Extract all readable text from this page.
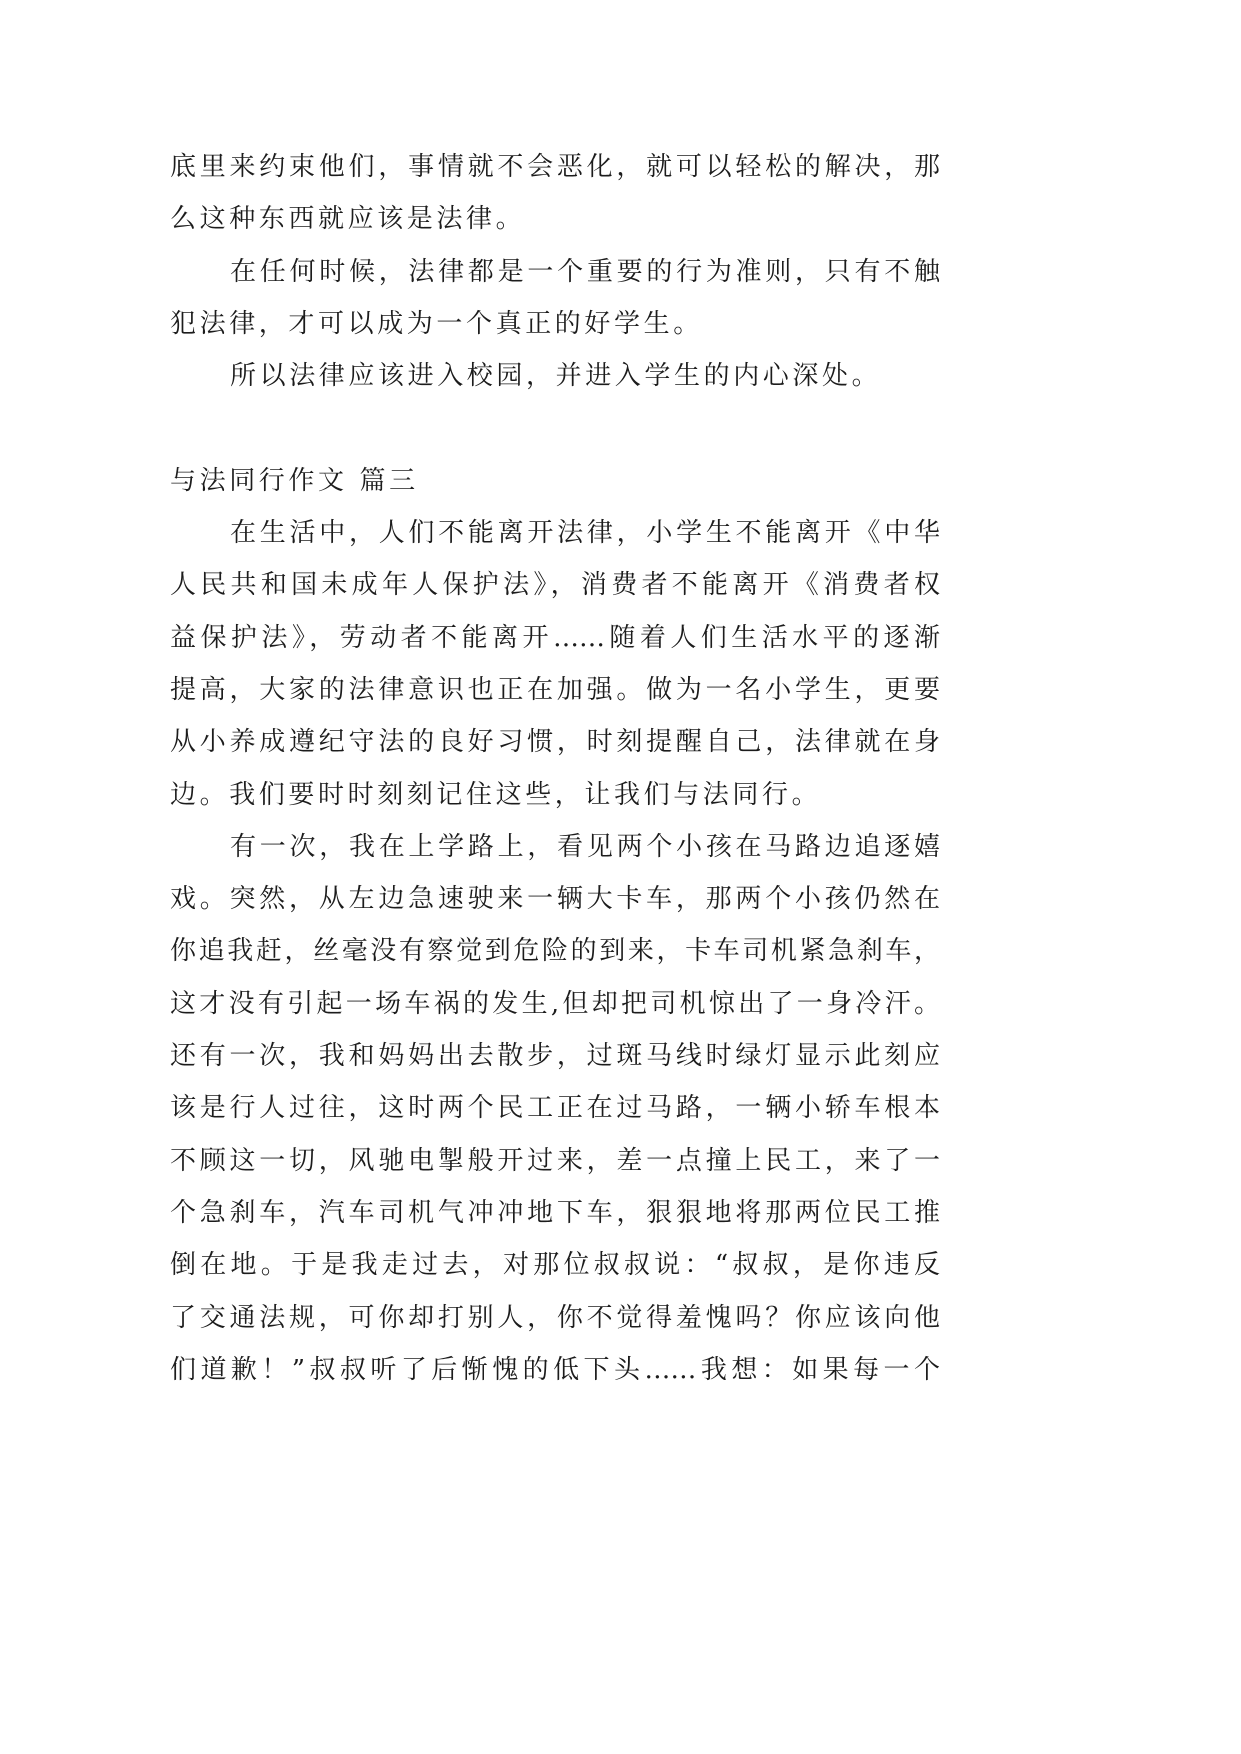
底里来约束他们，事情就不会恶化，就可以轻松的解决，那
么这种东西就应该是法律。
在任何时候，法律都是一个重要的行为准则，只有不触
犯法律，才可以成为一个真正的好学生。
所以法律应该进入校园，并进入学生的内心深处。
与法同行作文 篇三
在生活中，人们不能离开法律，小学生不能离开《中华
人民共和国未成年人保护法》，消费者不能离开《消费者权
益保护法》，劳动者不能离开……随着人们生活水平的逐渐
提高，大家的法律意识也正在加强。做为一名小学生，更要
从小养成遵纪守法的良好习惯，时刻提醒自己，法律就在身
边。我们要时时刻刻记住这些，让我们与法同行。
有一次，我在上学路上，看见两个小孩在马路边追逐嬉
戏。突然，从左边急速驶来一辆大卡车，那两个小孩仍然在
你追我赶，丝毫没有察觉到危险的到来，卡车司机紧急刹车，
这才没有引起一场车祸的发生,但却把司机惊出了一身冷汗。
还有一次，我和妈妈出去散步，过斑马线时绿灯显示此刻应
该是行人过往，这时两个民工正在过马路，一辆小轿车根本
不顾这一切，风驰电掣般开过来，差一点撞上民工，来了一
个急刹车，汽车司机气冲冲地下车，狠狠地将那两位民工推
倒在地。于是我走过去，对那位叔叔说：“叔叔，是你违反
了交通法规，可你却打别人，你不觉得羞愧吗？你应该向他
们道歉！”叔叔听了后惭愧的低下头……我想：如果每一个
